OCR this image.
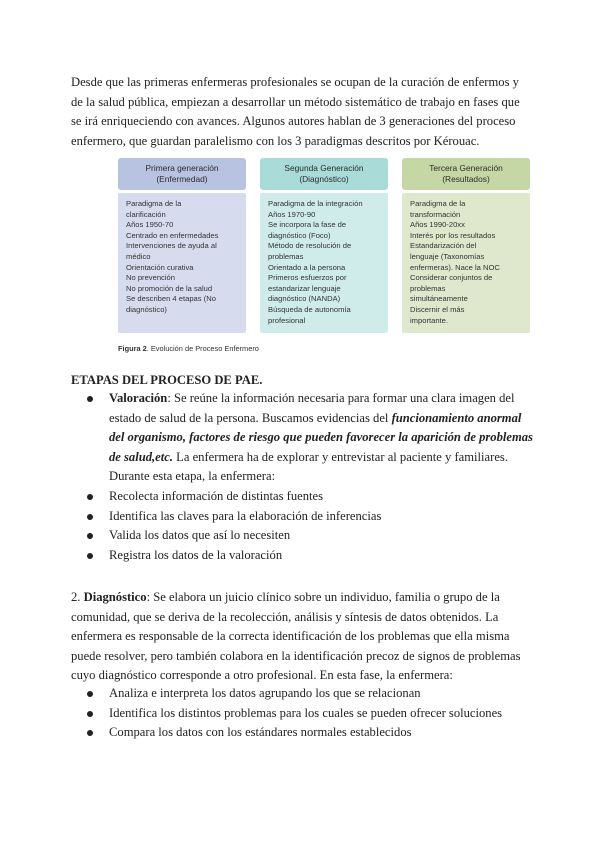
Desde que las primeras enfermeras profesionales se ocupan de la curación de enfermos y de la salud pública, empiezan a desarrollar un método sistemático de trabajo en fases que se irá enriqueciendo con avances. Algunos autores hablan de 3 generaciones del proceso enfermero, que guardan paralelismo con los 3 paradigmas descritos por Kérouac.

Primera generación
(Enfermedad)
Paradigma de la
clarificación
Años 1950-70
Centrado en enfermedades
Intervenciones de ayuda al
médico
Orientación curativa
No prevención
No promoción de la salud
Se describen 4 etapas (No
diagnóstico)
Segunda Generación
(Diagnóstico)
Paradigma de la integración
Años 1970-90
Se incorpora la fase de
diagnóstico (Foco)
Método de resolución de
problemas
Orientado a la persona
Primeros esfuerzos por
estandarizar lenguaje
diagnóstico (NANDA)
Búsqueda de autonomía
profesional
Tercera Generación
(Resultados)
Paradigma de la
transformación
Años 1990-20xx
Interés por los resultados
Estandarización del
lenguaje (Taxonomías
enfermeras). Nace la NOC
Considerar conjuntos de
problemas
simultáneamente
Discernir el más
importante.
Figura 2. Evolución de Proceso Enfermero
ETAPAS DEL PROCESO DE PAE.
Valoración: Se reúne la información necesaria para formar una clara imagen del estado de salud de la persona. Buscamos evidencias del funcionamiento anormal del organismo, factores de riesgo que pueden favorecer la aparición de problemas de salud,etc. La enfermera ha de explorar y entrevistar al paciente y familiares. Durante esta etapa, la enfermera:
Recolecta información de distintas fuentes
Identifica las claves para la elaboración de inferencias
Valida los datos que así lo necesiten
Registra los datos de la valoración

2. Diagnóstico: Se elabora un juicio clínico sobre un individuo, familia o grupo de la comunidad, que se deriva de la recolección, análisis y síntesis de datos obtenidos. La enfermera es responsable de la correcta identificación de los problemas que ella misma puede resolver, pero también colabora en la identificación precoz de signos de problemas cuyo diagnóstico corresponde a otro profesional. En esta fase, la enfermera:

Analiza e interpreta los datos agrupando los que se relacionan
Identifica los distintos problemas para los cuales se pueden ofrecer soluciones
Compara los datos con los estándares normales establecidos
